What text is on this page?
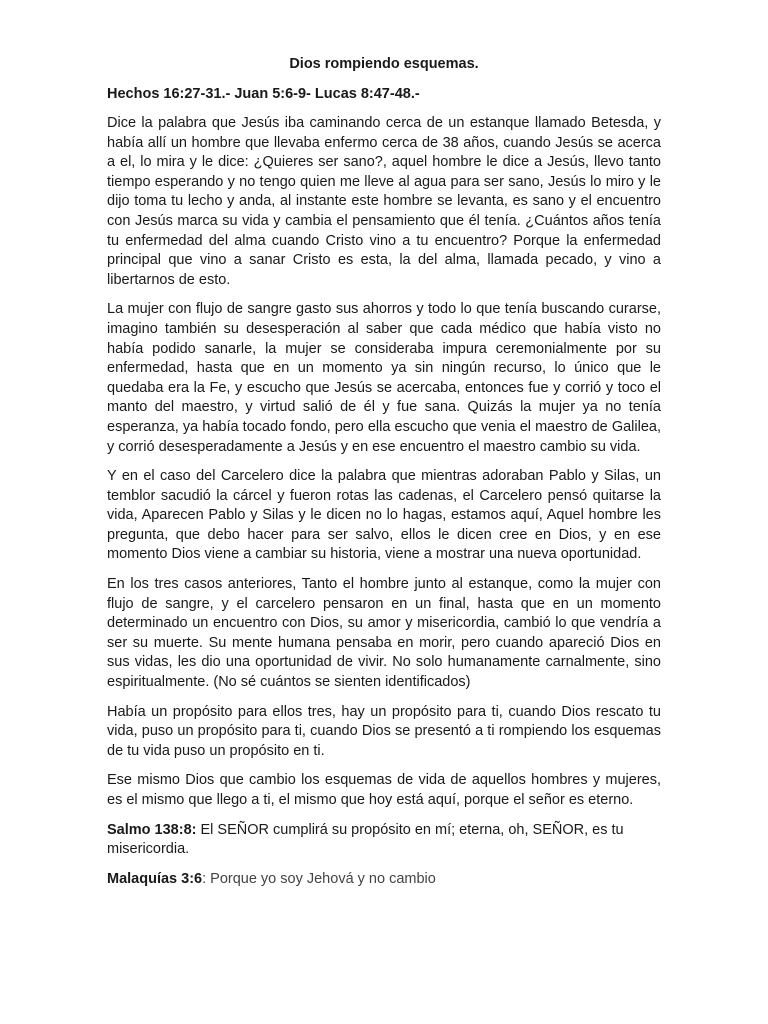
Dios rompiendo esquemas.
Hechos 16:27-31.- Juan 5:6-9- Lucas 8:47-48.-

Dice la palabra que Jesús iba caminando cerca de un estanque llamado Betesda, y había allí un hombre que llevaba enfermo cerca de 38 años, cuando Jesús se acerca a el, lo mira y le dice: ¿Quieres ser sano?, aquel hombre le dice a Jesús, llevo tanto tiempo esperando y no tengo quien me lleve al agua para ser sano, Jesús lo miro y le dijo toma tu lecho y anda, al instante este hombre se levanta, es sano y el encuentro con Jesús marca su vida y cambia el pensamiento que él tenía. ¿Cuántos años tenía tu enfermedad del alma cuando Cristo vino a tu encuentro? Porque la enfermedad principal que vino a sanar Cristo es esta, la del alma, llamada pecado, y vino a libertarnos de esto.

La mujer con flujo de sangre gasto sus ahorros y todo lo que tenía buscando curarse, imagino también su desesperación al saber que cada médico que había visto no había podido sanarle, la mujer se consideraba impura ceremonialmente por su enfermedad, hasta que en un momento ya sin ningún recurso, lo único que le quedaba era la Fe, y escucho que Jesús se acercaba, entonces fue y corrió y toco el manto del maestro, y virtud salió de él y fue sana. Quizás la mujer ya no tenía esperanza, ya había tocado fondo, pero ella escucho que venia el maestro de Galilea, y corrió desesperadamente a Jesús y en ese encuentro el maestro cambio su vida.

Y en el caso del Carcelero dice la palabra que mientras adoraban Pablo y Silas, un temblor sacudió la cárcel y fueron rotas las cadenas, el Carcelero pensó quitarse la vida, Aparecen Pablo y Silas y le dicen no lo hagas, estamos aquí, Aquel hombre les pregunta, que debo hacer para ser salvo, ellos le dicen cree en Dios, y en ese momento Dios viene a cambiar su historia, viene a mostrar una nueva oportunidad.

En los tres casos anteriores, Tanto el hombre junto al estanque, como la mujer con flujo de sangre, y el carcelero pensaron en un final, hasta que en un momento determinado un encuentro con Dios, su amor y misericordia, cambió lo que vendría a ser su muerte. Su mente humana pensaba en morir, pero cuando apareció Dios en sus vidas, les dio una oportunidad de vivir. No solo humanamente carnalmente, sino espiritualmente. (No sé cuántos se sienten identificados)

Había un propósito para ellos tres, hay un propósito para ti, cuando Dios rescato tu vida, puso un propósito para ti, cuando Dios se presentó a ti rompiendo los esquemas de tu vida puso un propósito en ti.

Ese mismo Dios que cambio los esquemas de vida de aquellos hombres y mujeres, es el mismo que llego a ti, el mismo que hoy está aquí, porque el señor es eterno.

Salmo 138:8: El SEÑOR cumplirá su propósito en mí; eterna, oh, SEÑOR, es tu misericordia.

Malaquías 3:6: Porque yo soy Jehová y no cambio
